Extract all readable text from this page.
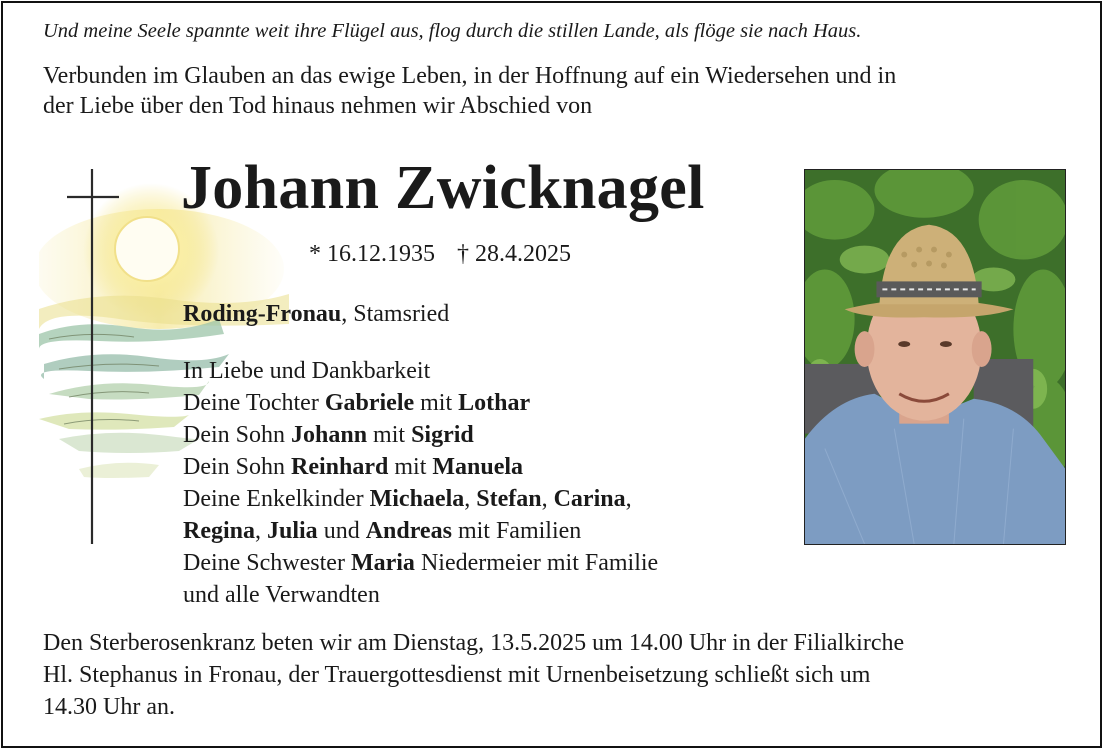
Und meine Seele spannte weit ihre Flügel aus, flog durch die stillen Lande, als flöge sie nach Haus.
Verbunden im Glauben an das ewige Leben, in der Hoffnung auf ein Wiedersehen und in
der Liebe über den Tod hinaus nehmen wir Abschied von
Johann Zwicknagel
* 16.12.1935 † 28.4.2025
Roding-Fronau, Stamsried
In Liebe und Dankbarkeit
Deine Tochter Gabriele mit Lothar
Dein Sohn Johann mit Sigrid
Dein Sohn Reinhard mit Manuela
Deine Enkelkinder Michaela, Stefan, Carina,
Regina, Julia und Andreas mit Familien
Deine Schwester Maria Niedermeier mit Familie
und alle Verwandten
Den Sterberosenkranz beten wir am Dienstag, 13.5.2025 um 14.00 Uhr in der Filialkirche
Hl. Stephanus in Fronau, der Trauergottesdienst mit Urnenbeisetzung schließt sich um
14.30 Uhr an.
